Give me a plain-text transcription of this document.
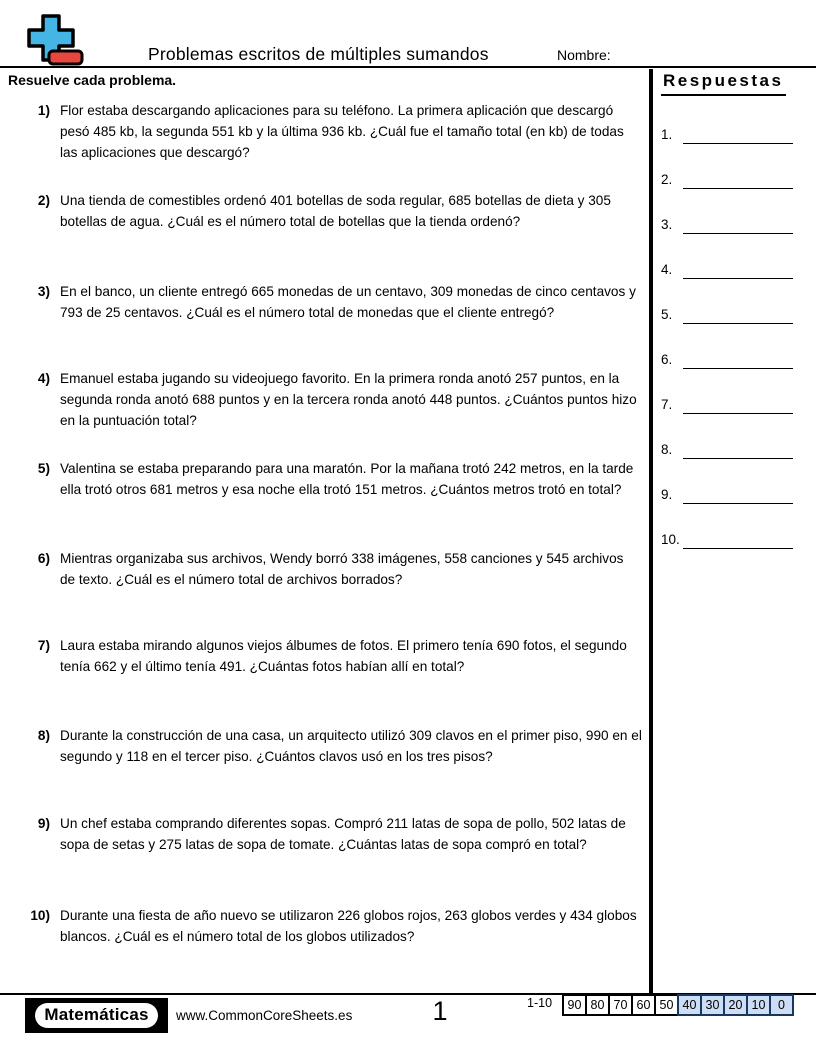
Problemas escritos de múltiples sumandos	Nombre:
Resuelve cada problema.	Respuestas
1.
2.
3.
4.
5.
6.
7.
8.
9.
10.
1) Flor estaba descargando aplicaciones para su teléfono. La primera aplicación que descargó pesó 485 kb, la segunda 551 kb y la última 936 kb. ¿Cuál fue el tamaño total (en kb) de todas las aplicaciones que descargó?
2) Una tienda de comestibles ordenó 401 botellas de soda regular, 685 botellas de dieta y 305 botellas de agua. ¿Cuál es el número total de botellas que la tienda ordenó?
3) En el banco, un cliente entregó 665 monedas de un centavo, 309 monedas de cinco centavos y 793 de 25 centavos. ¿Cuál es el número total de monedas que el cliente entregó?
4) Emanuel estaba jugando su videojuego favorito. En la primera ronda anotó 257 puntos, en la segunda ronda anotó 688 puntos y en la tercera ronda anotó 448 puntos. ¿Cuántos puntos hizo en la puntuación total?
5) Valentina se estaba preparando para una maratón. Por la mañana trotó 242 metros, en la tarde ella trotó otros 681 metros y esa noche ella trotó 151 metros. ¿Cuántos metros trotó en total?
6) Mientras organizaba sus archivos, Wendy borró 338 imágenes, 558 canciones y 545 archivos de texto. ¿Cuál es el número total de archivos borrados?
7) Laura estaba mirando algunos viejos álbumes de fotos. El primero tenía 690 fotos, el segundo tenía 662 y el último tenía 491. ¿Cuántas fotos habían allí en total?
8) Durante la construcción de una casa, un arquitecto utilizó 309 clavos en el primer piso, 990 en el segundo y 118 en el tercer piso. ¿Cuántos clavos usó en los tres pisos?
9) Un chef estaba comprando diferentes sopas. Compró 211 latas de sopa de pollo, 502 latas de sopa de setas y 275 latas de sopa de tomate. ¿Cuántas latas de sopa compró en total?
10) Durante una fiesta de año nuevo se utilizaron 226 globos rojos, 263 globos verdes y 434 globos blancos. ¿Cuál es el número total de los globos utilizados?
Matemáticas	www.CommonCoreSheets.es	1	1-10	90 80 70 60 50 40 30 20 10	0
